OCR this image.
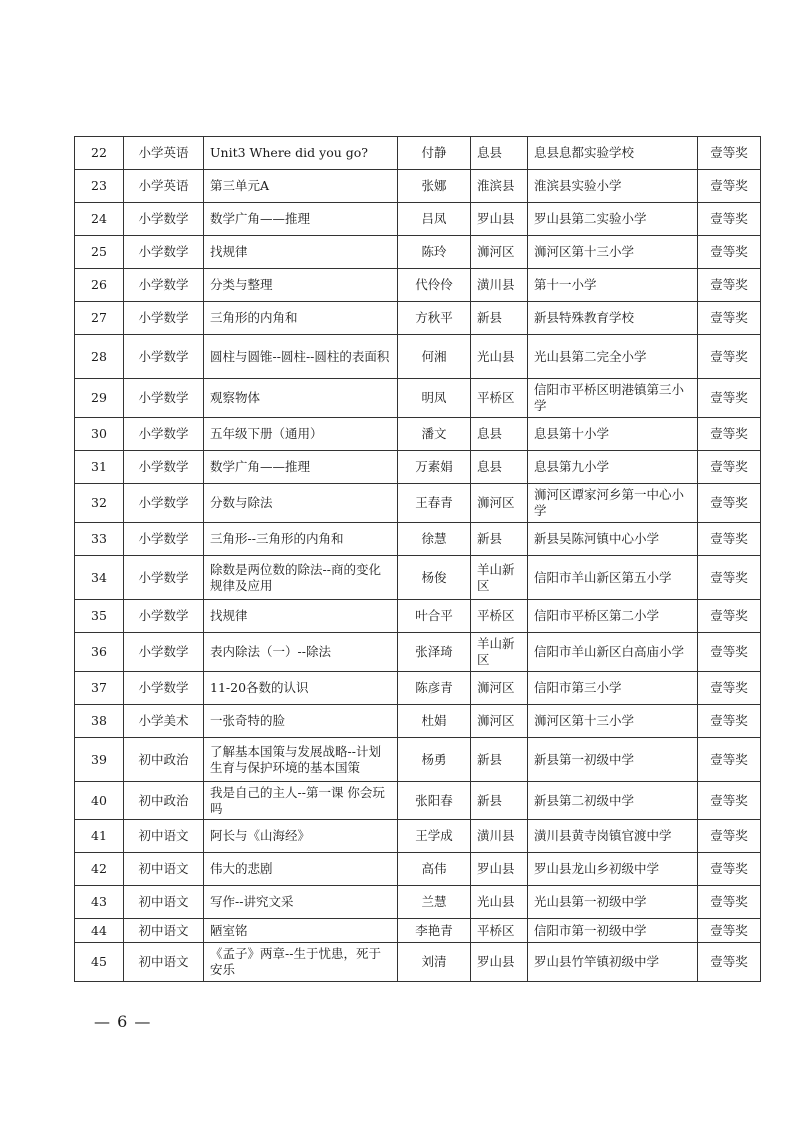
22	小学英语	Unit3 Where did you go?	付静	息县	息县息都实验学校	壹等奖
23	小学英语	第三单元A	张娜	淮滨县	淮滨县实验小学	壹等奖
24	小学数学	数学广角——推理	吕凤	罗山县	罗山县第二实验小学	壹等奖
25	小学数学	找规律	陈玲	浉河区	浉河区第十三小学	壹等奖
26	小学数学	分类与整理	代伶伶	潢川县	第十一小学	壹等奖
27	小学数学	三角形的内角和	方秋平	新县	新县特殊教育学校	壹等奖
28	小学数学	圆柱与圆锥--圆柱--圆柱的表面积	何湘	光山县	光山县第二完全小学	壹等奖
29	小学数学	观察物体	明凤	平桥区	信阳市平桥区明港镇第三小学	壹等奖
30	小学数学	五年级下册（通用）	潘文	息县	息县第十小学	壹等奖
31	小学数学	数学广角——推理	万素娟	息县	息县第九小学	壹等奖
32	小学数学	分数与除法	王春青	浉河区	浉河区谭家河乡第一中心小学	壹等奖
33	小学数学	三角形--三角形的内角和	徐慧	新县	新县吴陈河镇中心小学	壹等奖
34	小学数学	除数是两位数的除法--商的变化规律及应用	杨俊	羊山新区	信阳市羊山新区第五小学	壹等奖
35	小学数学	找规律	叶合平	平桥区	信阳市平桥区第二小学	壹等奖
36	小学数学	表内除法（一）--除法	张泽琦	羊山新区	信阳市羊山新区白高庙小学	壹等奖
37	小学数学	11-20各数的认识	陈彦青	浉河区	信阳市第三小学	壹等奖
38	小学美术	一张奇特的脸	杜娟	浉河区	浉河区第十三小学	壹等奖
39	初中政治	了解基本国策与发展战略--计划生育与保护环境的基本国策	杨勇	新县	新县第一初级中学	壹等奖
40	初中政治	我是自己的主人--第一课 你会玩吗	张阳春	新县	新县第二初级中学	壹等奖
41	初中语文	阿长与《山海经》	王学成	潢川县	潢川县黄寺岗镇官渡中学	壹等奖
42	初中语文	伟大的悲剧	高伟	罗山县	罗山县龙山乡初级中学	壹等奖
43	初中语文	写作--讲究文采	兰慧	光山县	光山县第一初级中学	壹等奖
44	初中语文	陋室铭	李艳青	平桥区	信阳市第一初级中学	壹等奖
45	初中语文	《孟子》两章--生于忧患，死于安乐	刘清	罗山县	罗山县竹竿镇初级中学	壹等奖
— 6 —
